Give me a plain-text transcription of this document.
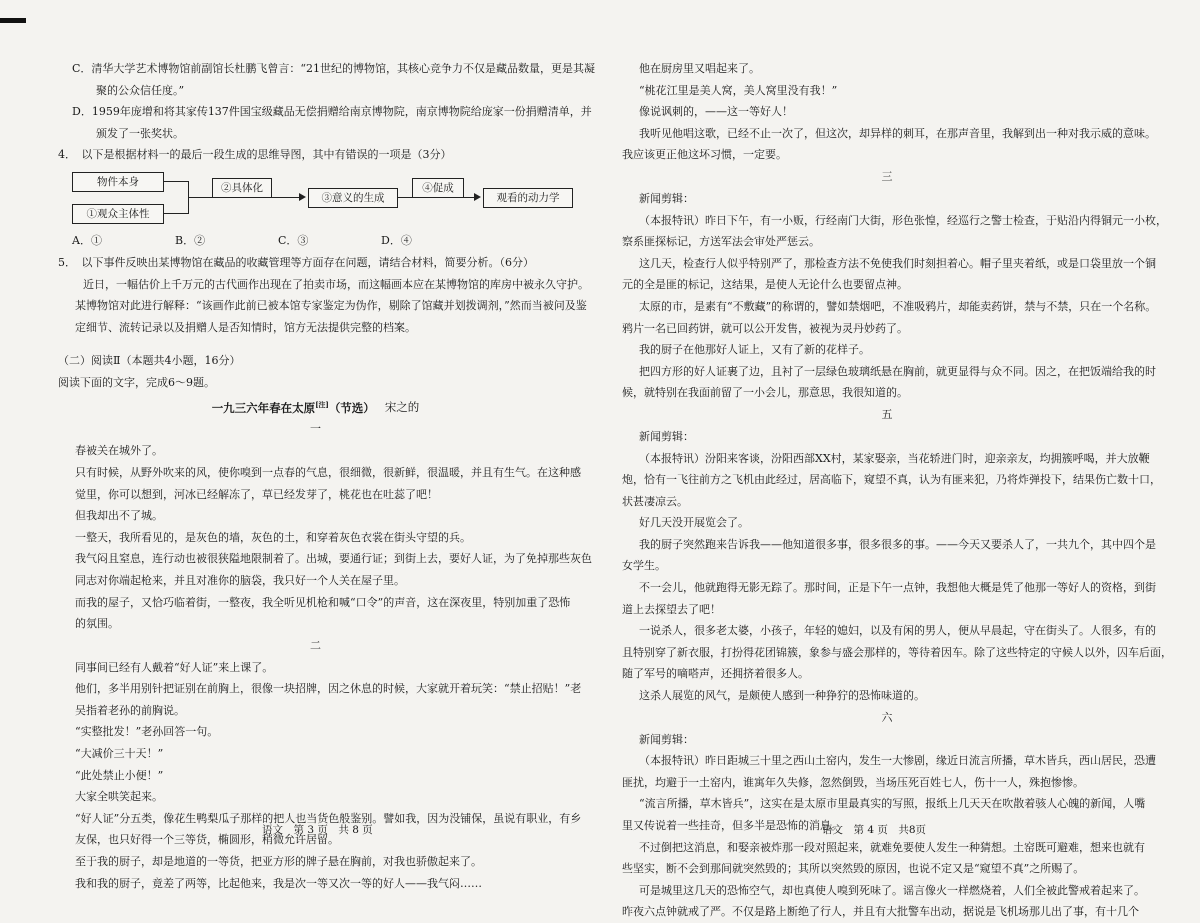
C．清华大学艺术博物馆前副馆长杜鹏飞曾言：“21世纪的博物馆，其核心竞争力不仅是藏品数量，更是其凝

聚的公众信任度。”

D．1959年庞增和将其家传137件国宝级藏品无偿捐赠给南京博物院，南京博物院给庞家一份捐赠清单，并

颁发了一张奖状。

4．　以下是根据材料一的最后一段生成的思维导图，其中有错误的一项是（3分）

物件本身
①观众主体性
②具体化
③意义的生成
④促成
观看的动力学

A．①	B．②	C．③	D．④

5．　以下事件反映出某博物馆在藏品的收藏管理等方面存在问题，请结合材料，简要分析。（6分）

近日，一幅估价上千万元的古代画作出现在了拍卖市场，而这幅画本应在某博物馆的库房中被永久守护。

某博物馆对此进行解释：“该画作此前已被本馆专家鉴定为伪作，剔除了馆藏并划拨调剂，”然而当被问及鉴

定细节、流转记录以及捐赠人是否知情时，馆方无法提供完整的档案。

（二）阅读Ⅱ（本题共4小题，16分）

阅读下面的文字，完成6～9题。

一九三六年春在太原[注]（节选） 宋之的

一

春被关在城外了。

只有时候，从野外吹来的风，使你嗅到一点春的气息，很细微，很新鲜，很温暖，并且有生气。在这种感

觉里，你可以想到，河冰已经解冻了，草已经发芽了，桃花也在吐蕊了吧！

但我却出不了城。

一整天，我所看见的，是灰色的墙，灰色的土，和穿着灰色衣裳在街头守望的兵。

我气闷且窒息，连行动也被很狭隘地限制着了。出城，要通行证；到街上去，要好人证，为了免掉那些灰色

同志对你端起枪来，并且对准你的脑袋，我只好一个人关在屋子里。

而我的屋子，又恰巧临着街，一整夜，我全听见机枪和喊“口令”的声音，这在深夜里，特别加重了恐怖

的氛围。

二

同事间已经有人戴着“好人证”来上课了。

他们，多半用别针把证别在前胸上，很像一块招牌，因之休息的时候，大家就开着玩笑：“禁止招贴！”老

吴指着老孙的前胸说。

“实整批发！”老孙回答一句。

“大减价三十天！”

“此处禁止小便！”

大家全哄笑起来。

“好人证”分五类，像花生鸭梨瓜子那样的把人也当货色般鉴别。譬如我，因为没铺保，虽说有职业，有乡

友保，也只好得一个三等货，椭圆形，稍微允许居留。

至于我的厨子，却是地道的一等货，把亚方形的牌子悬在胸前，对我也骄傲起来了。

我和我的厨子，竟差了两等，比起他来，我是次一等又次一等的好人——我气闷……

他在厨房里又唱起来了。

“桃花江里是美人窝，美人窝里没有我！”

像说讽刺的，——这一等好人！

我听见他唱这歌，已经不止一次了，但这次，却异样的刺耳，在那声音里，我解到出一种对我示威的意味。

我应该更正他这坏习惯，一定要。

三

新闻剪辑：

（本报特讯）昨日下午，有一小贩，行经南门大街，形色张惶，经巡行之警士检查，于贴沿内得铜元一小枚，

察系匪探标记，方送军法会审处严惩云。

这几天，检查行人似乎特别严了，那检查方法不免使我们时刻担着心。帽子里夹着纸，或是口袋里放一个铜

元的全是匪的标记，这结果，是使人无论什么也要留点神。

太原的市，是素有“不敷藏”的称谓的，譬如禁烟吧，不准吸鸦片，却能卖药饼，禁与不禁，只在一个名称。

鸦片一名已回药饼，就可以公开发售，被视为灵丹妙药了。

我的厨子在他那好人证上，又有了新的花样子。

把四方形的好人证裹了边，且衬了一层绿色玻璃纸悬在胸前，就更显得与众不同。因之，在把饭端给我的时

候，就特别在我面前留了一小会儿，那意思，我很知道的。

五

新闻剪辑：

（本报特讯）汾阳来客谈，汾阳西部XX村，某家娶亲，当花轿进门时，迎亲亲友，均拥簇呼喝，并大放鞭

炮，恰有一飞往前方之飞机由此经过，居高临下，窥望不真，认为有匪来犯，乃将炸弹投下，结果伤亡数十口，

状甚凄凉云。

好几天没开展览会了。

我的厨子突然跑来告诉我——他知道很多事，很多很多的事。——今天又要杀人了，一共九个，其中四个是

女学生。

不一会儿，他就跑得无影无踪了。那时间，正是下午一点钟，我想他大概是凭了他那一等好人的资格，到街

道上去探望去了吧！

一说杀人，很多老太婆，小孩子，年轻的媳妇，以及有闲的男人，便从早晨起，守在街头了。人很多，有的

且特别穿了新衣服，打扮得花团锦簇，象参与盛会那样的，等待着因车。除了这些特定的守候人以外，囚车后面，

随了军号的嘀嗒声，还拥挤着很多人。

这杀人展览的风气，是颇使人感到一种狰狞的恐怖味道的。

六

新闻剪辑：

（本报特讯）昨日距城三十里之西山土窑内，发生一大惨剧，缘近日流言所播，草木皆兵，西山居民，恐遭

匪扰，均避于一土窑内，谁寓年久失修，忽然倒毁，当场压死百姓七人，伤十一人，殊抱惨惨。

“流言所播，草木皆兵”，这实在是太原市里最真实的写照，报纸上几天天在吹散着骇人心魄的新闻，人嘴

里又传说着一些挂奇，但多半是恐怖的消息。

不过倒把这消息，和娶亲被炸那一段对照起来，就难免要使人发生一种猜想。土窑既可避难，想来也就有

些坚实，断不会到那间就突然毁的；其所以突然毁的原因，也说不定又是“窥望不真”之所赐了。

可是城里这几天的恐怖空气，却也真使人嗅到死味了。谣言像火一样燃烧着，人们全被此警戒着起来了。

昨夜六点钟就戒了严。不仅是路上断绝了行人，并且有大批警车出动，据说是飞机场那儿出了事，有十几个

语文　第 3 页　共 8 页	语文　第 4 页　共8页
